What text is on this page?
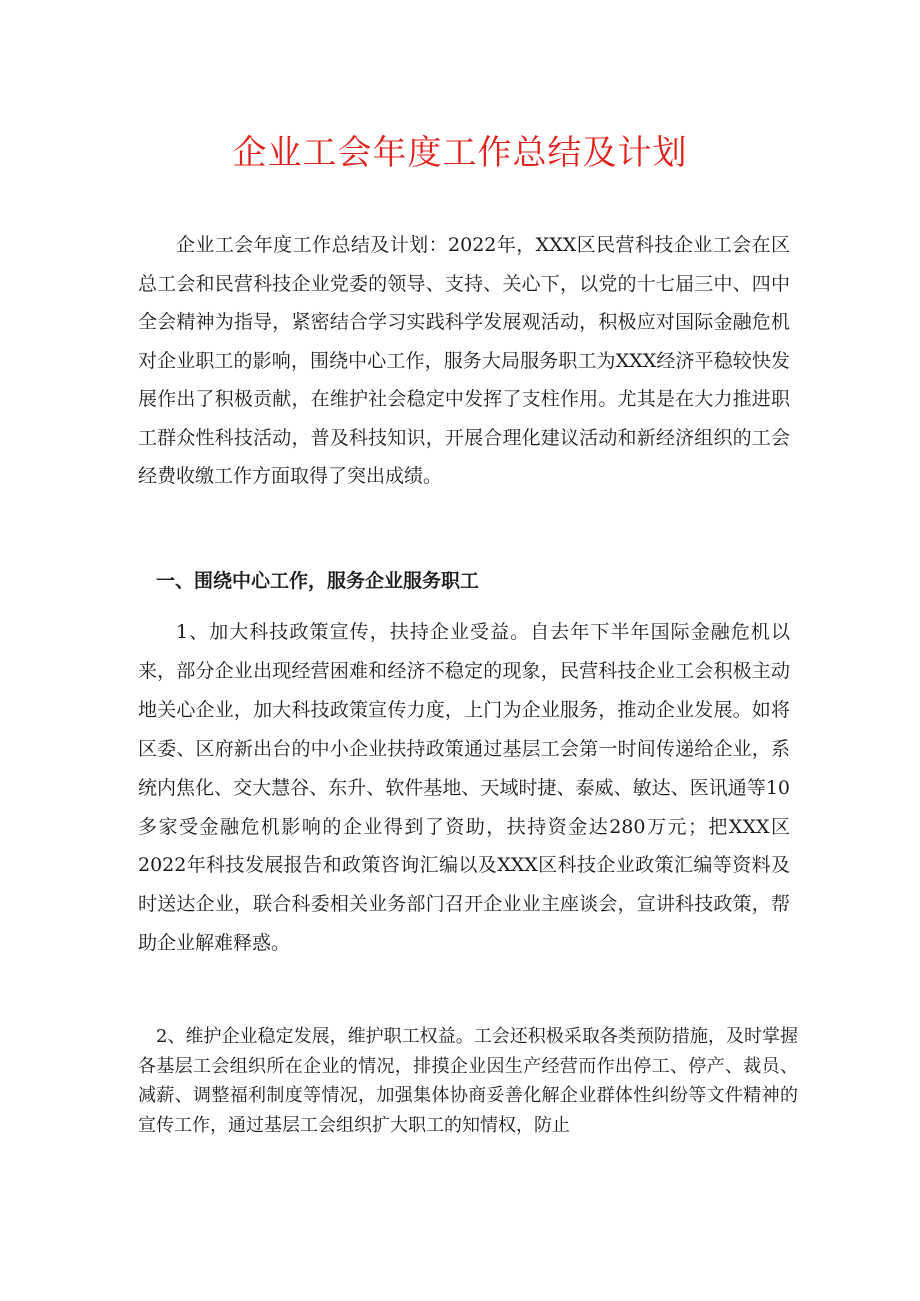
企业工会年度工作总结及计划

企业工会年度工作总结及计划：2022年，XXX区民营科技企业工会在区总工会和民营科技企业党委的领导、支持、关心下，以党的十七届三中、四中全会精神为指导，紧密结合学习实践科学发展观活动，积极应对国际金融危机对企业职工的影响，围绕中心工作，服务大局服务职工为XXX经济平稳较快发展作出了积极贡献，在维护社会稳定中发挥了支柱作用。尤其是在大力推进职工群众性科技活动，普及科技知识，开展合理化建议活动和新经济组织的工会经费收缴工作方面取得了突出成绩。

一、围绕中心工作，服务企业服务职工

1、加大科技政策宣传，扶持企业受益。自去年下半年国际金融危机以来，部分企业出现经营困难和经济不稳定的现象，民营科技企业工会积极主动地关心企业，加大科技政策宣传力度，上门为企业服务，推动企业发展。如将区委、区府新出台的中小企业扶持政策通过基层工会第一时间传递给企业，系统内焦化、交大慧谷、东升、软件基地、天域时捷、泰威、敏达、医讯通等10多家受金融危机影响的企业得到了资助，扶持资金达280万元；把XXX区2022年科技发展报告和政策咨询汇编以及XXX区科技企业政策汇编等资料及时送达企业，联合科委相关业务部门召开企业业主座谈会，宣讲科技政策，帮助企业解难释惑。

2、维护企业稳定发展，维护职工权益。工会还积极采取各类预防措施，及时掌握各基层工会组织所在企业的情况，排摸企业因生产经营而作出停工、停产、裁员、减薪、调整福利制度等情况，加强集体协商妥善化解企业群体性纠纷等文件精神的宣传工作，通过基层工会组织扩大职工的知情权，防止
